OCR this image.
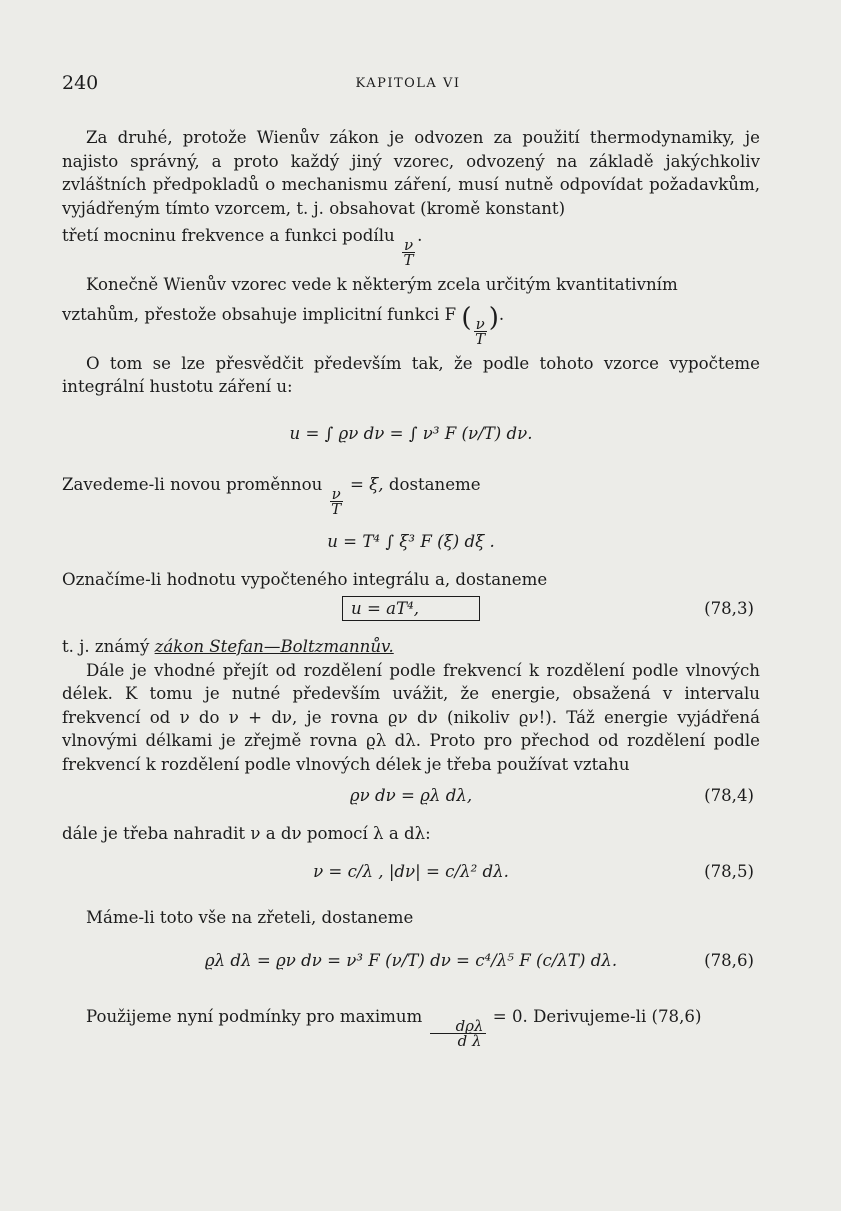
240	KAPITOLA VI

Za druhé, protože Wienův zákon je odvozen za použití thermodynamiky, je najisto správný, a proto každý jiný vzorec, odvozený na základě jakýchkoliv zvláštních předpokladů o mechanismu záření, musí nutně odpovídat požadavkům, vyjádřeným tímto vzorcem, t. j. obsahovat (kromě konstant)

třetí mocninu frekvence a funkci podílu
$\frac{\nu}{T}$
.

Konečně Wienův vzorec vede k některým zcela určitým kvantitativním

vztahům, přestože obsahuje implicitní funkci F ( $\frac{\nu}{T}$ ).

O tom se lze přesvědčit především tak, že podle tohoto vzorce vypočteme integrální hustotu záření u:

u = ∫ ϱν dν = ∫ ν³ F (ν/T) dν.

Zavedeme-li novou proměnnou
$\frac{\nu}{T}$
= ξ, dostaneme

u = T⁴ ∫ ξ³ F (ξ) dξ .

Označíme-li hodnotu vypočteného integrálu a, dostaneme

u = aT⁴,	(78,3)

t. j. známý zákon Stefan—Boltzmannův.

Dále je vhodné přejít od rozdělení podle frekvencí k rozdělení podle vlnových délek. K tomu je nutné především uvážit, že energie, obsažená v intervalu frekvencí od ν do ν + dν, je rovna ϱν dν (nikoliv ϱν!). Táž energie vyjádřená vlnovými délkami je zřejmě rovna ϱλ dλ. Proto pro přechod od rozdělení podle frekvencí k rozdělení podle vlnových délek je třeba používat vztahu

ϱν dν = ϱλ dλ,	(78,4)

dále je třeba nahradit ν a dν pomocí λ a dλ:

ν = c/λ , |dν| = c/λ² dλ.	(78,5)

Máme-li toto vše na zřeteli, dostaneme

ϱλ dλ = ϱν dν = ν³ F (ν/T) dν = c⁴/λ⁵ F (c/λT) dλ.	(78,6)

Použijeme nyní podmínky pro maximum
$\frac{\text{dϱλ}}{\text{d λ}}$
= 0. Derivujeme-li (78,6)
